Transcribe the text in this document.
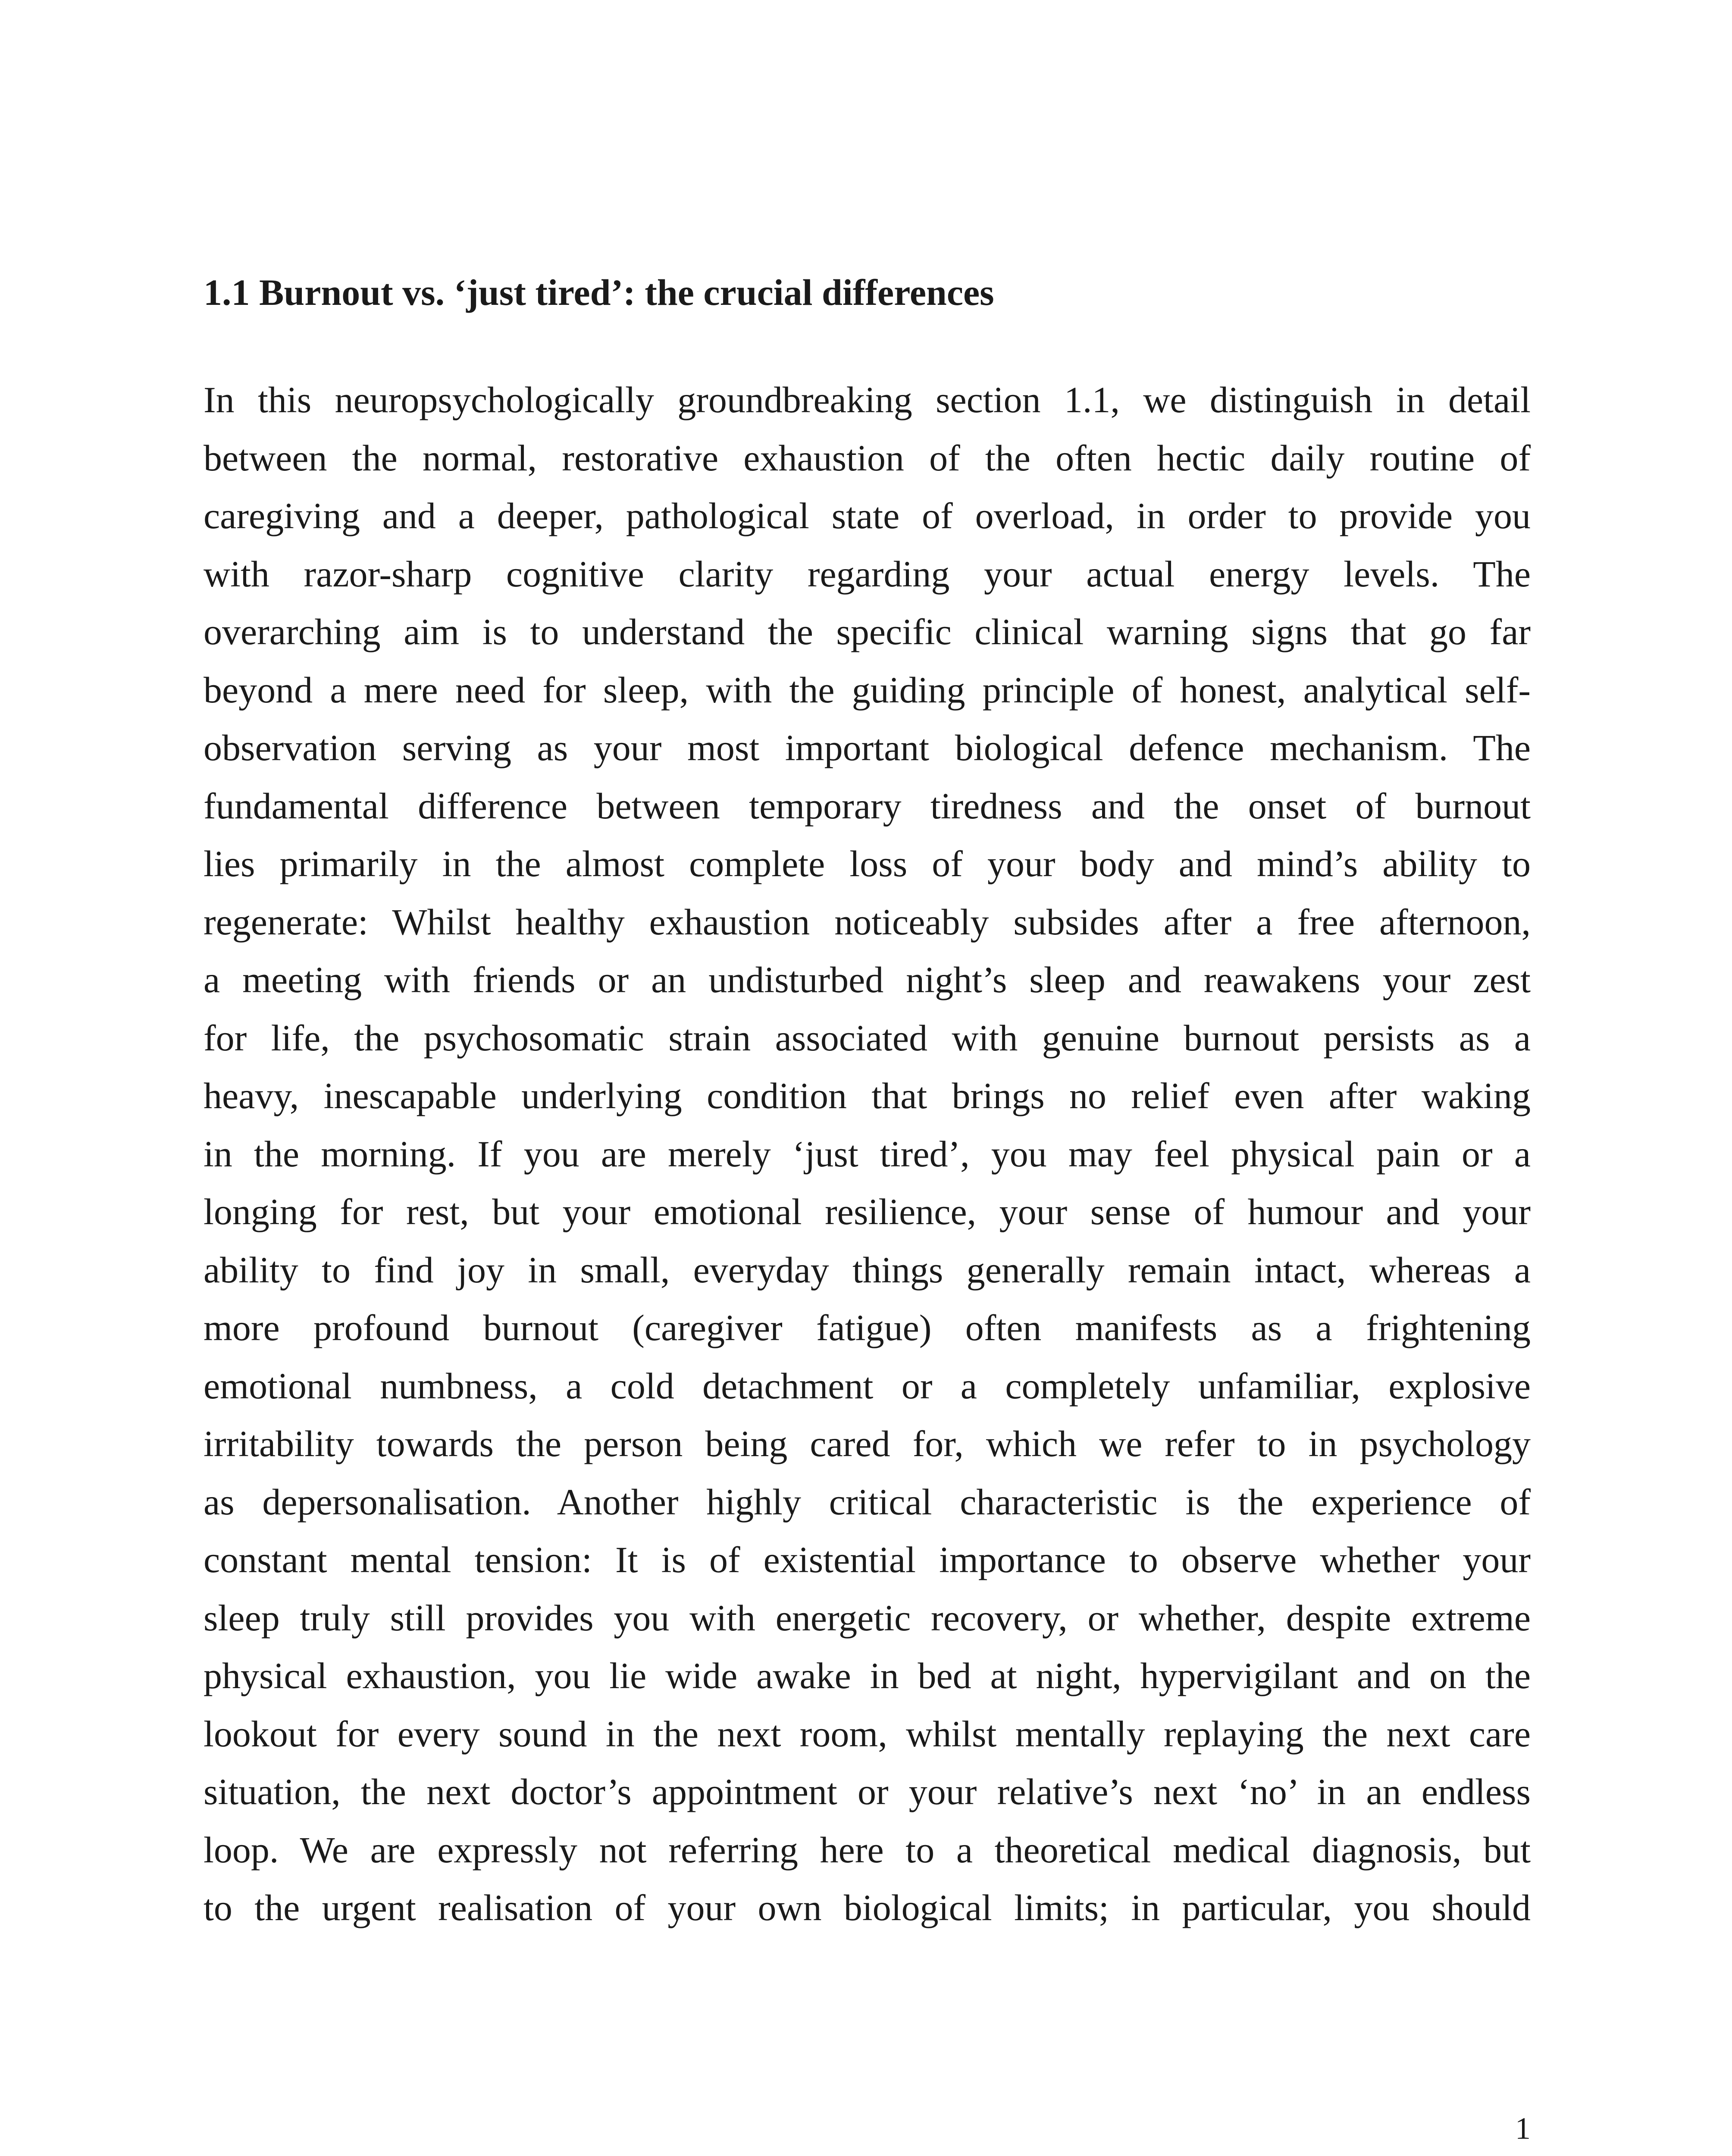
1.1 Burnout vs. ‘just tired’: the crucial differences
In this neuropsychologically groundbreaking section 1.1, we distinguish in detail
between the normal, restorative exhaustion of the often hectic daily routine of
caregiving and a deeper, pathological state of overload, in order to provide you
with razor-sharp cognitive clarity regarding your actual energy levels. The
overarching aim is to understand the specific clinical warning signs that go far
beyond a mere need for sleep, with the guiding principle of honest, analytical self-
observation serving as your most important biological defence mechanism. The
fundamental difference between temporary tiredness and the onset of burnout
lies primarily in the almost complete loss of your body and mind’s ability to
regenerate: Whilst healthy exhaustion noticeably subsides after a free afternoon,
a meeting with friends or an undisturbed night’s sleep and reawakens your zest
for life, the psychosomatic strain associated with genuine burnout persists as a
heavy, inescapable underlying condition that brings no relief even after waking
in the morning. If you are merely ‘just tired’, you may feel physical pain or a
longing for rest, but your emotional resilience, your sense of humour and your
ability to find joy in small, everyday things generally remain intact, whereas a
more profound burnout (caregiver fatigue) often manifests as a frightening
emotional numbness, a cold detachment or a completely unfamiliar, explosive
irritability towards the person being cared for, which we refer to in psychology
as depersonalisation. Another highly critical characteristic is the experience of
constant mental tension: It is of existential importance to observe whether your
sleep truly still provides you with energetic recovery, or whether, despite extreme
physical exhaustion, you lie wide awake in bed at night, hypervigilant and on the
lookout for every sound in the next room, whilst mentally replaying the next care
situation, the next doctor’s appointment or your relative’s next ‘no’ in an endless
loop. We are expressly not referring here to a theoretical medical diagnosis, but
to the urgent realisation of your own biological limits; in particular, you should
1
